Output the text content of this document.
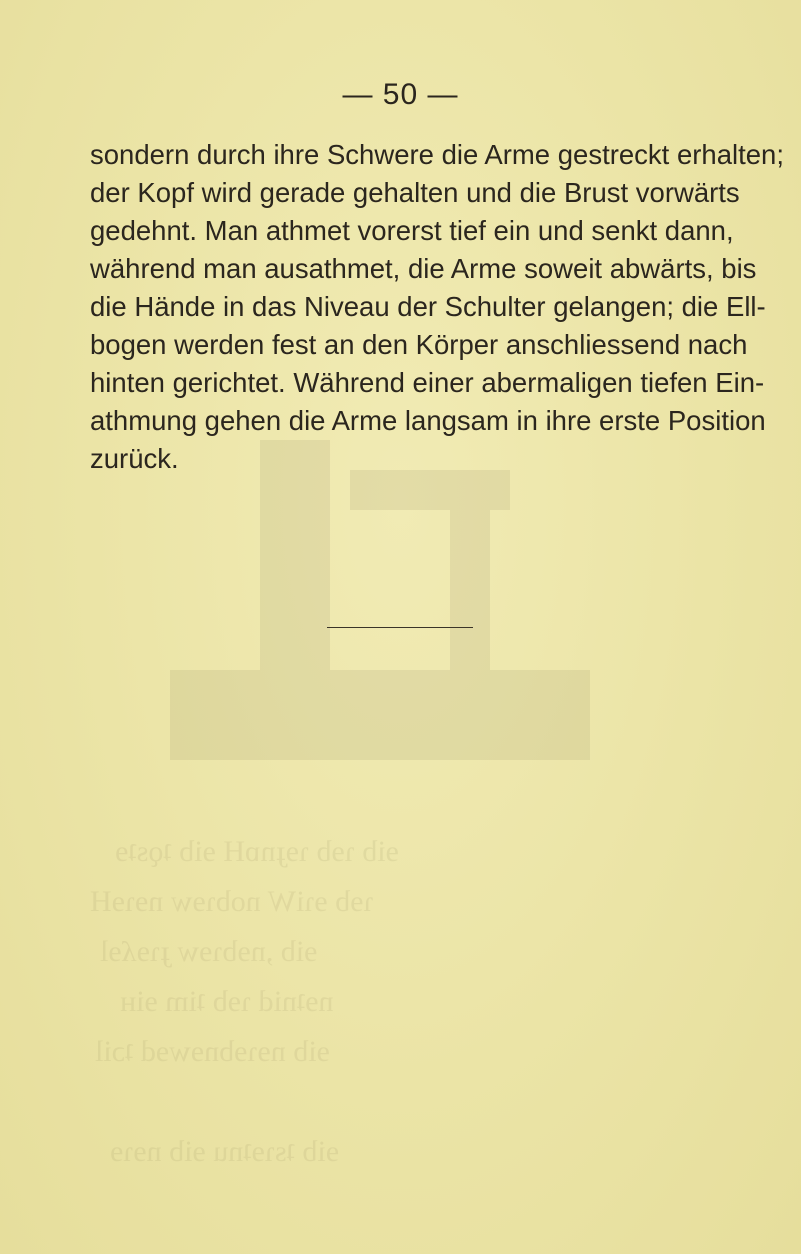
ɘib ɿɘb ɿɘɟnɒH ɘib ʇǫsʇɘ
ɿɘb ɘɿiW nobɿɘw nɘɿɘH
ɘib ,nɘbɿɘw ɟɿɘʎɘl
nɘʇnid ɿɘb ʇim ɘiʜ
ɘib nɘɿɘbnɘwɘd ʇɔil
ɘib ʇsɿɘʇnu ɘib nɘɿɘ
— 50 —
sondern durch ihre Schwere die Arme gestreckt erhalten;
der Kopf wird gerade gehalten und die Brust vorwärts
gedehnt. Man athmet vorerst tief ein und senkt dann,
während man ausathmet, die Arme soweit abwärts, bis
die Hände in das Niveau der Schulter gelangen; die Ell-
bogen werden fest an den Körper anschliessend nach
hinten gerichtet. Während einer abermaligen tiefen Ein-
athmung gehen die Arme langsam in ihre erste Position
zurück.
